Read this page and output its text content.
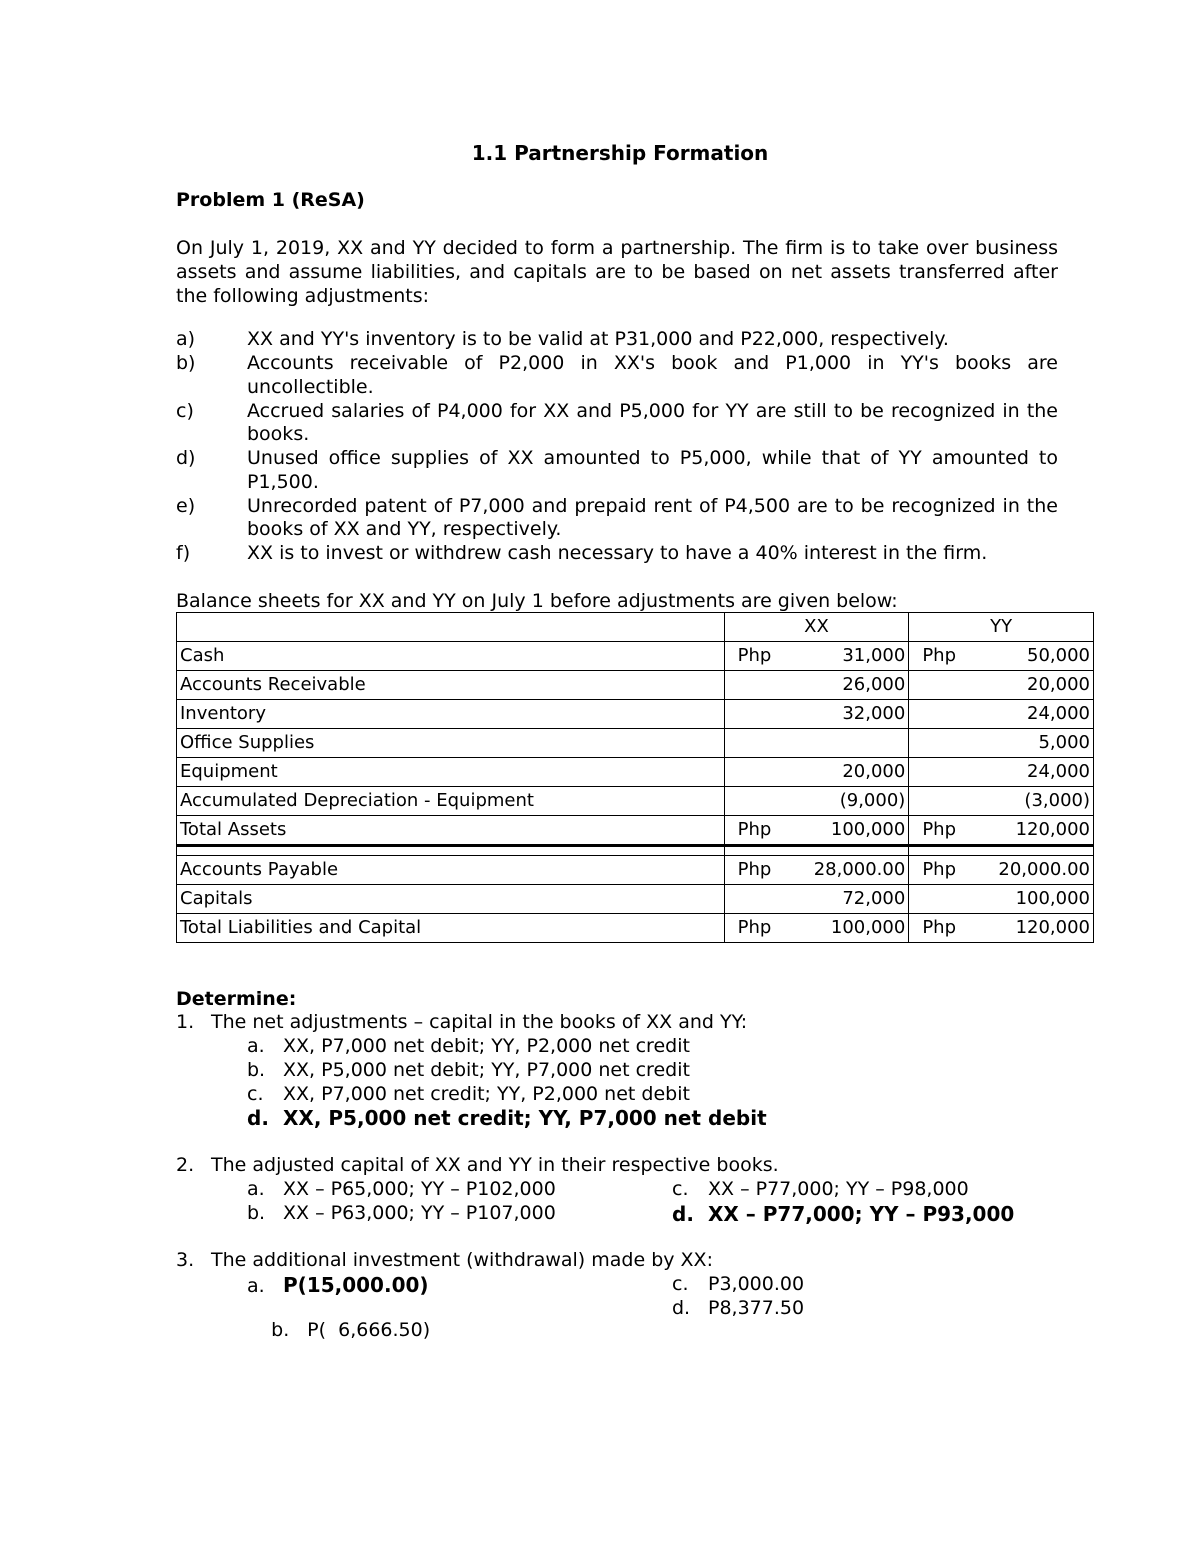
1.1 Partnership Formation
Problem 1 (ReSA)
On July 1, 2019, XX and YY decided to form a partnership. The firm is to take over business assets and assume liabilities, and capitals are to be based on net assets transferred after the following adjustments:
a)	XX and YY's inventory is to be valid at P31,000 and P22,000, respectively.
b)	Accounts receivable of P2,000 in XX's book and P1,000 in YY's books are uncollectible.
c)	Accrued salaries of P4,000 for XX and P5,000 for YY are still to be recognized in the books.
d)	Unused office supplies of XX amounted to P5,000, while that of YY amounted to P1,500.
e)	Unrecorded patent of P7,000 and prepaid rent of P4,500 are to be recognized in the books of XX and YY, respectively.
f)	XX is to invest or withdrew cash necessary to have a 40% interest in the firm.
Balance sheets for XX and YY on July 1 before adjustments are given below:
	XX	YY
Cash	Php 31,000	Php 50,000

Accounts Receivable	26,000	20,000

Inventory	32,000	24,000

Office Supplies		5,000

Equipment	20,000	24,000

Accumulated Depreciation - Equipment	(9,000)	(3,000)

Total Assets	Php 100,000	Php 120,000

Accounts Payable	Php 28,000.00	Php 20,000.00

Capitals	72,000	100,000

Total Liabilities and Capital	Php 100,000	Php 120,000
Determine:
1. The net adjustments – capital in the books of XX and YY:
a. XX, P7,000 net debit; YY, P2,000 net credit
b. XX, P5,000 net debit; YY, P7,000 net credit
c. XX, P7,000 net credit; YY, P2,000 net debit
d. XX, P5,000 net credit; YY, P7,000 net debit
2. The adjusted capital of XX and YY in their respective books.
a. XX – P65,000; YY – P102,000
b. XX – P63,000; YY – P107,000
c. XX – P77,000; YY – P98,000
d. XX – P77,000; YY – P93,000
3. The additional investment (withdrawal) made by XX:
a. P(15,000.00)

b. P(  6,666.50)

c. P3,000.00
d. P8,377.50
